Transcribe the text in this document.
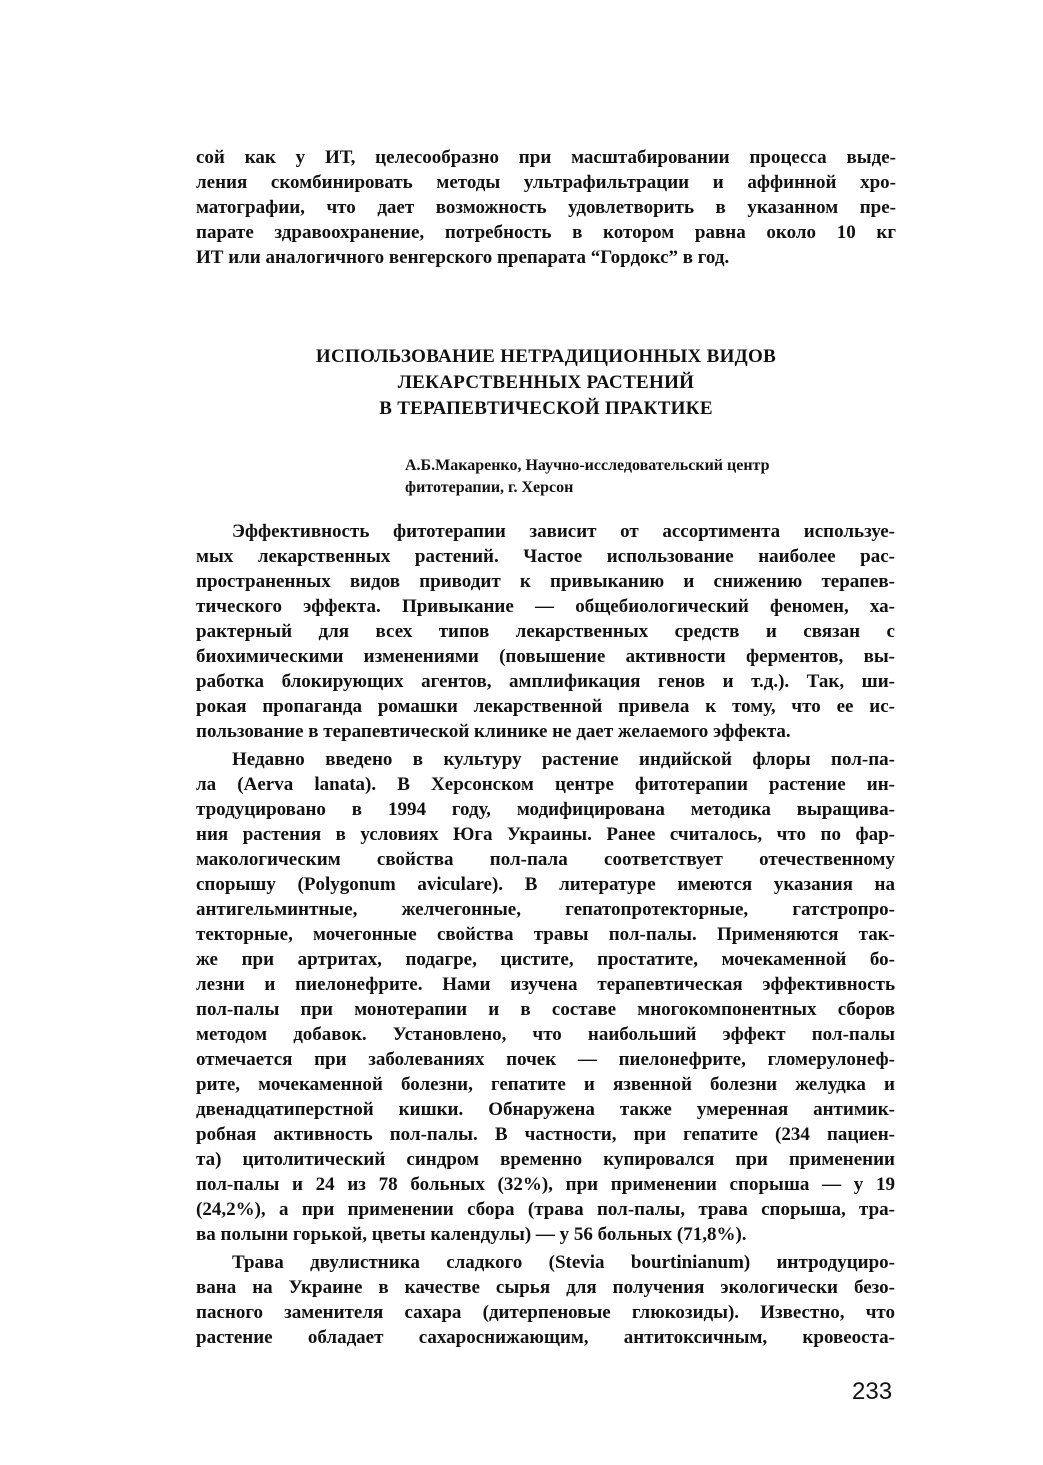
сой как у ИТ, целесообразно при масштабировании процесса выде-
ления скомбинировать методы ультрафильтрации и аффинной хро-
матографии, что дает возможность удовлетворить в указанном пре-
парате здравоохранение, потребность в котором равна около 10 кг
ИТ или аналогичного венгерского препарата “Гордокс” в год.
ИСПОЛЬЗОВАНИЕ НЕТРАДИЦИОННЫХ ВИДОВ
ЛЕКАРСТВЕННЫХ РАСТЕНИЙ
В ТЕРАПЕВТИЧЕСКОЙ ПРАКТИКЕ
А.Б.Макаренко, Научно-исследовательский центр
фитотерапии, г. Херсон
Эффективность фитотерапии зависит от ассортимента используе-
мых лекарственных растений. Частое использование наиболее рас-
пространенных видов приводит к привыканию и снижению терапев-
тического эффекта. Привыкание — общебиологический феномен, ха-
рактерный для всех типов лекарственных средств и связан с
биохимическими изменениями (повышение активности ферментов, вы-
работка блокирующих агентов, амплификация генов и т.д.). Так, ши-
рокая пропаганда ромашки лекарственной привела к тому, что ее ис-
пользование в терапевтической клинике не дает желаемого эффекта.
Недавно введено в культуру растение индийской флоры пол-па-
ла (Aerva lanata). В Херсонском центре фитотерапии растение ин-
тродуцировано в 1994 году, модифицирована методика выращива-
ния растения в условиях Юга Украины. Ранее считалось, что по фар-
макологическим свойства пол-пала соответствует отечественному
спорышу (Polygonum aviculare). В литературе имеются указания на
антигельминтные, желчегонные, гепатопротекторные, гатстропро-
текторные, мочегонные свойства травы пол-палы. Применяются так-
же при артритах, подагре, цистите, простатите, мочекаменной бо-
лезни и пиелонефрите. Нами изучена терапевтическая эффективность
пол-палы при монотерапии и в составе многокомпонентных сборов
методом добавок. Установлено, что наибольший эффект пол-палы
отмечается при заболеваниях почек — пиелонефрите, гломерулонеф-
рите, мочекаменной болезни, гепатите и язвенной болезни желудка и
двенадцатиперстной кишки. Обнаружена также умеренная антимик-
робная активность пол-палы. В частности, при гепатите (234 пациен-
та) цитолитический синдром временно купировался при применении
пол-палы и 24 из 78 больных (32%), при применении спорыша — у 19
(24,2%), а при применении сбора (трава пол-палы, трава спорыша, тра-
ва полыни горькой, цветы календулы) — у 56 больных (71,8%).
Трава двулистника сладкого (Stevia bourtinianum) интродуциро-
вана на Украине в качестве сырья для получения экологически безо-
пасного заменителя сахара (дитерпеновые глюкозиды). Известно, что
растение обладает сахароснижающим, антитоксичным, кровеоста-
233
